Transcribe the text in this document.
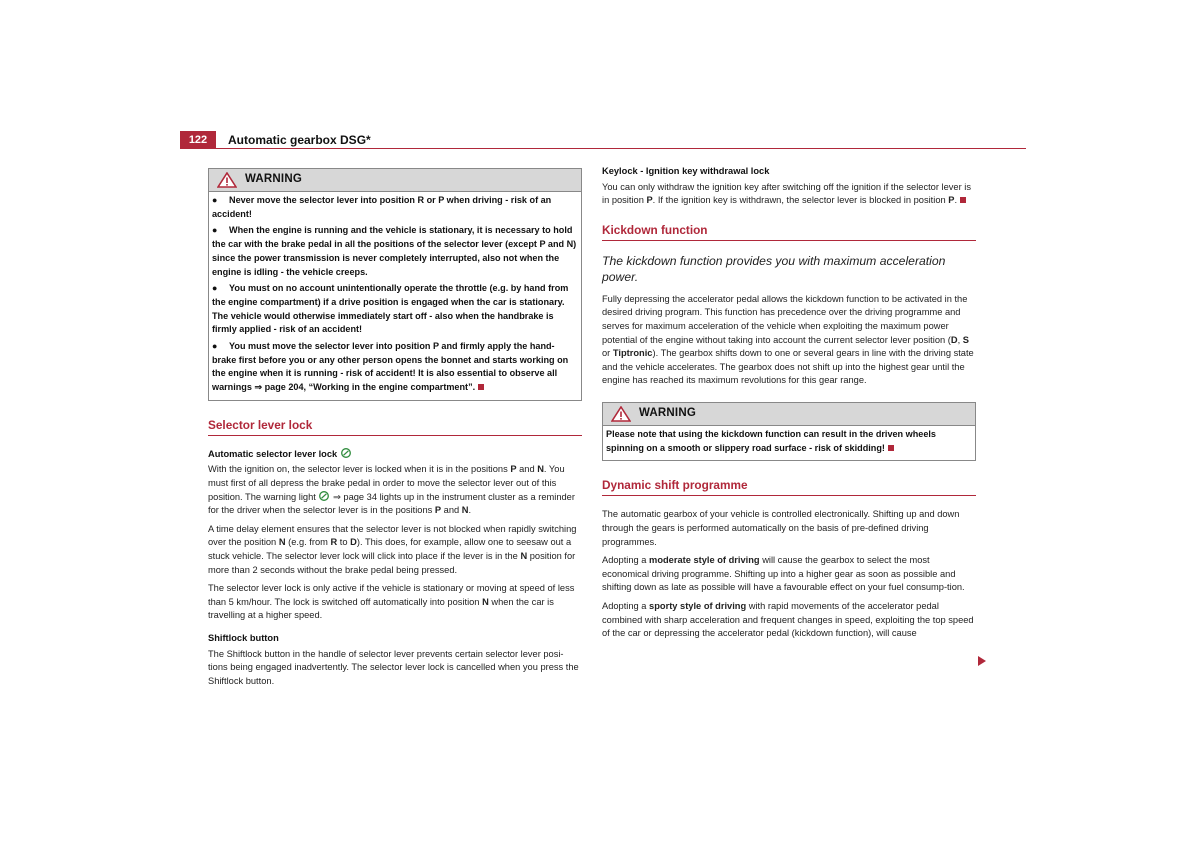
122	Automatic gearbox DSG*
WARNING

● Never move the selector lever into position R or P when driving - risk of an accident!

● When the engine is running and the vehicle is stationary, it is necessary to hold the car with the brake pedal in all the positions of the selector lever (except P and N) since the power transmission is never completely interrupted, also not when the engine is idling - the vehicle creeps.

● You must on no account unintentionally operate the throttle (e.g. by hand from the engine compartment) if a drive position is engaged when the car is stationary. The vehicle would otherwise immediately start off - also when the handbrake is firmly applied - risk of an accident!

● You must move the selector lever into position P and firmly apply the hand-brake first before you or any other person opens the bonnet and starts working on the engine when it is running - risk of accident! It is also essential to observe all warnings ⇒ page 204, “Working in the engine compartment”.

Selector lever lock
Automatic selector lever lock

With the ignition on, the selector lever is locked when it is in the positions P and N. You must first of all depress the brake pedal in order to move the selector lever out of this position. The warning light  ⇒ page 34 lights up in the instrument cluster as a reminder for the driver when the selector lever is in the positions P and N.

A time delay element ensures that the selector lever is not blocked when rapidly switching over the position N (e.g. from R to D). This does, for example, allow one to seesaw out a stuck vehicle. The selector lever lock will click into place if the lever is in the N position for more than 2 seconds without the brake pedal being pressed.

The selector lever lock is only active if the vehicle is stationary or moving at speed of less than 5 km/hour. The lock is switched off automatically into position N when the car is travelling at a higher speed.

Shiftlock button

The Shiftlock button in the handle of selector lever prevents certain selector lever posi-tions being engaged inadvertently. The selector lever lock is cancelled when you press the Shiftlock button.

Keylock - Ignition key withdrawal lock

You can only withdraw the ignition key after switching off the ignition if the selector lever is in position P. If the ignition key is withdrawn, the selector lever is blocked in position P.

Kickdown function

The kickdown function provides you with maximum acceleration power.

Fully depressing the accelerator pedal allows the kickdown function to be activated in the desired driving program. This function has precedence over the driving programme and serves for maximum acceleration of the vehicle when exploiting the maximum power potential of the engine without taking into account the current selector lever position (D, S or Tiptronic). The gearbox shifts down to one or several gears in line with the driving state and the vehicle accelerates. The gearbox does not shift up into the highest gear until the engine has reached its maximum revolutions for this gear range.

WARNING

Please note that using the kickdown function can result in the driven wheels spinning on a smooth or slippery road surface - risk of skidding!

Dynamic shift programme

The automatic gearbox of your vehicle is controlled electronically. Shifting up and down through the gears is performed automatically on the basis of pre-defined driving programmes.

Adopting a moderate style of driving will cause the gearbox to select the most economical driving programme. Shifting up into a higher gear as soon as possible and shifting down as late as possible will have a favourable effect on your fuel consump-tion.

Adopting a sporty style of driving with rapid movements of the accelerator pedal combined with sharp acceleration and frequent changes in speed, exploiting the top speed of the car or depressing the accelerator pedal (kickdown function), will cause
